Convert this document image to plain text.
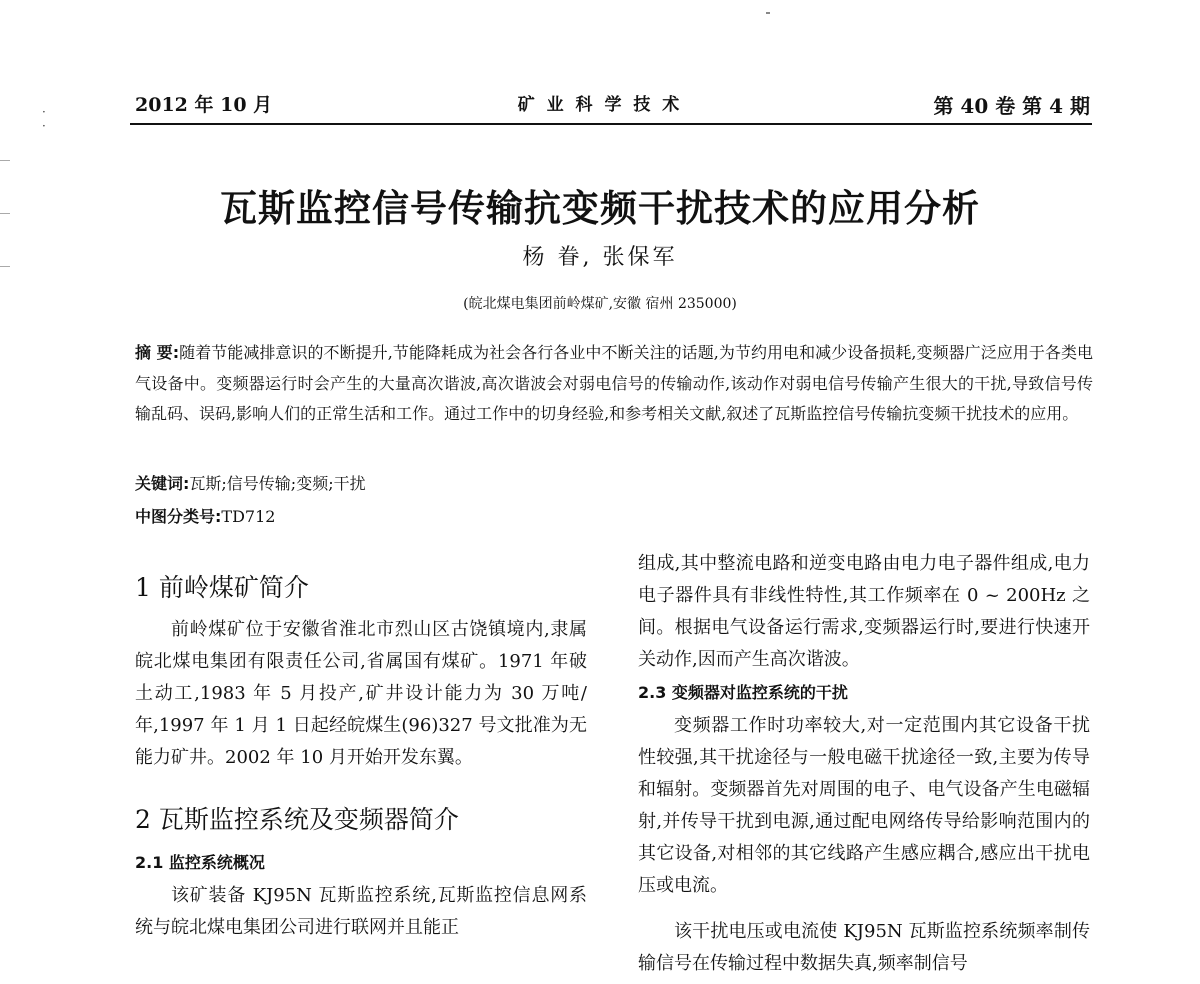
·
·
2012 年 10 月	矿 业 科 学 技 术	第 40 卷 第 4 期
瓦斯监控信号传输抗变频干扰技术的应用分析
杨 眷, 张保军
(皖北煤电集团前岭煤矿,安徽 宿州 235000)
摘 要:随着节能减排意识的不断提升,节能降耗成为社会各行各业中不断关注的话题,为节约用电和减少设备损耗,变频器广泛应用于各类电气设备中。变频器运行时会产生的大量高次谐波,高次谐波会对弱电信号的传输动作,该动作对弱电信号传输产生很大的干扰,导致信号传输乱码、误码,影响人们的正常生活和工作。通过工作中的切身经验,和参考相关文献,叙述了瓦斯监控信号传输抗变频干扰技术的应用。
关键词:瓦斯;信号传输;变频;干扰
中图分类号:TD712
1 前岭煤矿简介

前岭煤矿位于安徽省淮北市烈山区古饶镇境内,隶属皖北煤电集团有限责任公司,省属国有煤矿。1971 年破土动工,1983 年 5 月投产,矿井设计能力为 30 万吨/年,1997 年 1 月 1 日起经皖煤生(96)327 号文批准为无能力矿井。2002 年 10 月开始开发东翼。

2 瓦斯监控系统及变频器简介
2.1 监控系统概况

该矿装备 KJ95N 瓦斯监控系统,瓦斯监控信息网系统与皖北煤电集团公司进行联网并且能正

组成,其中整流电路和逆变电路由电力电子器件组成,电力电子器件具有非线性特性,其工作频率在 0 ~ 200Hz 之间。根据电气设备运行需求,变频器运行时,要进行快速开关动作,因而产生高次谐波。

2.3 变频器对监控系统的干扰

变频器工作时功率较大,对一定范围内其它设备干扰性较强,其干扰途径与一般电磁干扰途径一致,主要为传导和辐射。变频器首先对周围的电子、电气设备产生电磁辐射,并传导干扰到电源,通过配电网络传导给影响范围内的其它设备,对相邻的其它线路产生感应耦合,感应出干扰电压或电流。

该干扰电压或电流使 KJ95N 瓦斯监控系统频率制传输信号在传输过程中数据失真,频率制信号
